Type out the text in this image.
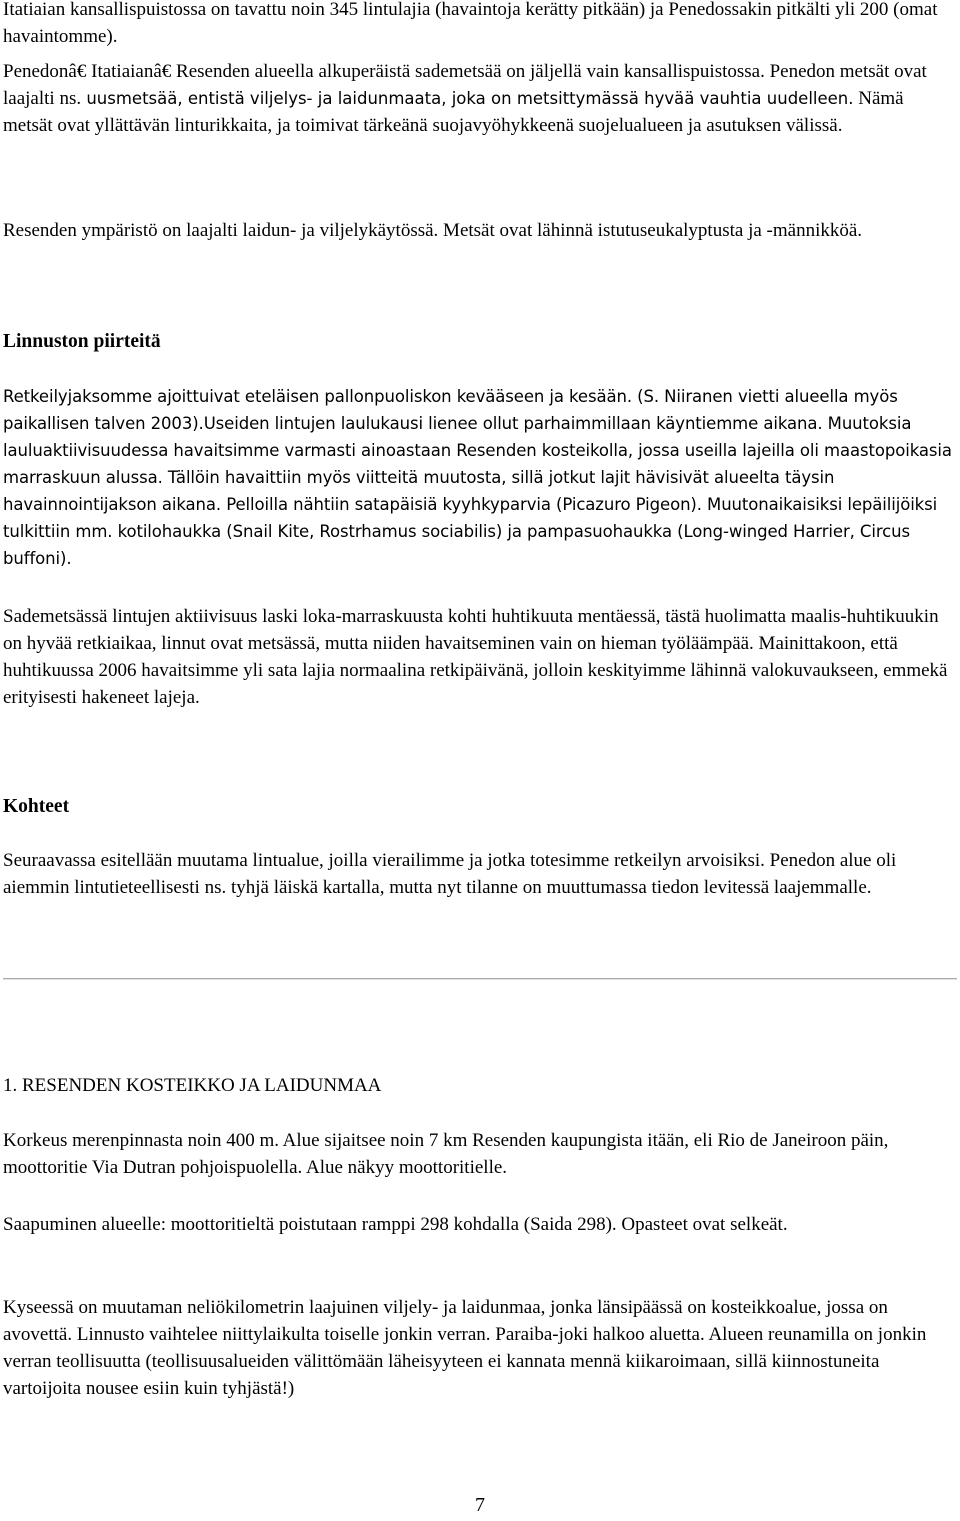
Itatiaian kansallispuistossa on tavattu noin 345 lintulajia (havaintoja kerätty pitkään) ja Penedossakin pitkälti yli 200 (omat havaintomme).

Penedonâ€ Itatiaianâ€ Resenden alueella alkuperäistä sademetsää on jäljellä vain kansallispuistossa. Penedon metsät ovat laajalti ns. uusmetsää, entistä viljelys- ja laidunmaata, joka on metsittymässä hyvää vauhtia uudelleen. Nämä metsät ovat yllättävän linturikkaita, ja toimivat tärkeänä suojavyöhykkeenä suojelualueen ja asutuksen välissä.

Resenden ympäristö on laajalti laidun- ja viljelykäytössä. Metsät ovat lähinnä istutuseukalyptusta ja -männikköä.

Linnuston piirteitä

Retkeilyjaksomme ajoittuivat eteläisen pallonpuoliskon kevääseen ja kesään. (S. Niiranen vietti alueella myös paikallisen talven 2003).Useiden lintujen laulukausi lienee ollut parhaimmillaan käyntiemme aikana. Muutoksia lauluaktiivisuudessa havaitsimme varmasti ainoastaan Resenden kosteikolla, jossa useilla lajeilla oli maastopoikasia marraskuun alussa. Tällöin havaittiin myös viitteitä muutosta, sillä jotkut lajit hävisivät alueelta täysin havainnointijakson aikana. Pelloilla nähtiin satapäisiä kyyhkyparvia (Picazuro Pigeon). Muutonaikaisiksi lepäilijöiksi tulkittiin mm. kotilohaukka (Snail Kite, Rostrhamus sociabilis) ja pampasuohaukka (Long-winged Harrier, Circus buffoni).

Sademetsässä lintujen aktiivisuus laski loka-marraskuusta kohti huhtikuuta mentäessä, tästä huolimatta maalis-huhtikuukin on hyvää retkiaikaa, linnut ovat metsässä, mutta niiden havaitseminen vain on hieman työläämpää. Mainittakoon, että huhtikuussa 2006 havaitsimme yli sata lajia normaalina retkipäivänä, jolloin keskityimme lähinnä valokuvaukseen, emmekä erityisesti hakeneet lajeja.

Kohteet

Seuraavassa esitellään muutama lintualue, joilla vierailimme ja jotka totesimme retkeilyn arvoisiksi. Penedon alue oli aiemmin lintutieteellisesti ns. tyhjä läiskä kartalla, mutta nyt tilanne on muuttumassa tiedon levitessä laajemmalle.

1. RESENDEN KOSTEIKKO JA LAIDUNMAA

Korkeus merenpinnasta noin 400 m. Alue sijaitsee noin 7 km Resenden kaupungista itään, eli Rio de Janeiroon päin, moottoritie Via Dutran pohjoispuolella. Alue näkyy moottoritielle.

Saapuminen alueelle: moottoritieltä poistutaan ramppi 298 kohdalla (Saida 298). Opasteet ovat selkeät.

Kyseessä on muutaman neliökilometrin laajuinen viljely- ja laidunmaa, jonka länsipäässä on kosteikkoalue, jossa on avovettä. Linnusto vaihtelee niittylaikulta toiselle jonkin verran. Paraiba-joki halkoo aluetta. Alueen reunamilla on jonkin verran teollisuutta (teollisuusalueiden välittömään läheisyyteen ei kannata mennä kiikaroimaan, sillä kiinnostuneita vartoijoita nousee esiin kuin tyhjästä!)

7
